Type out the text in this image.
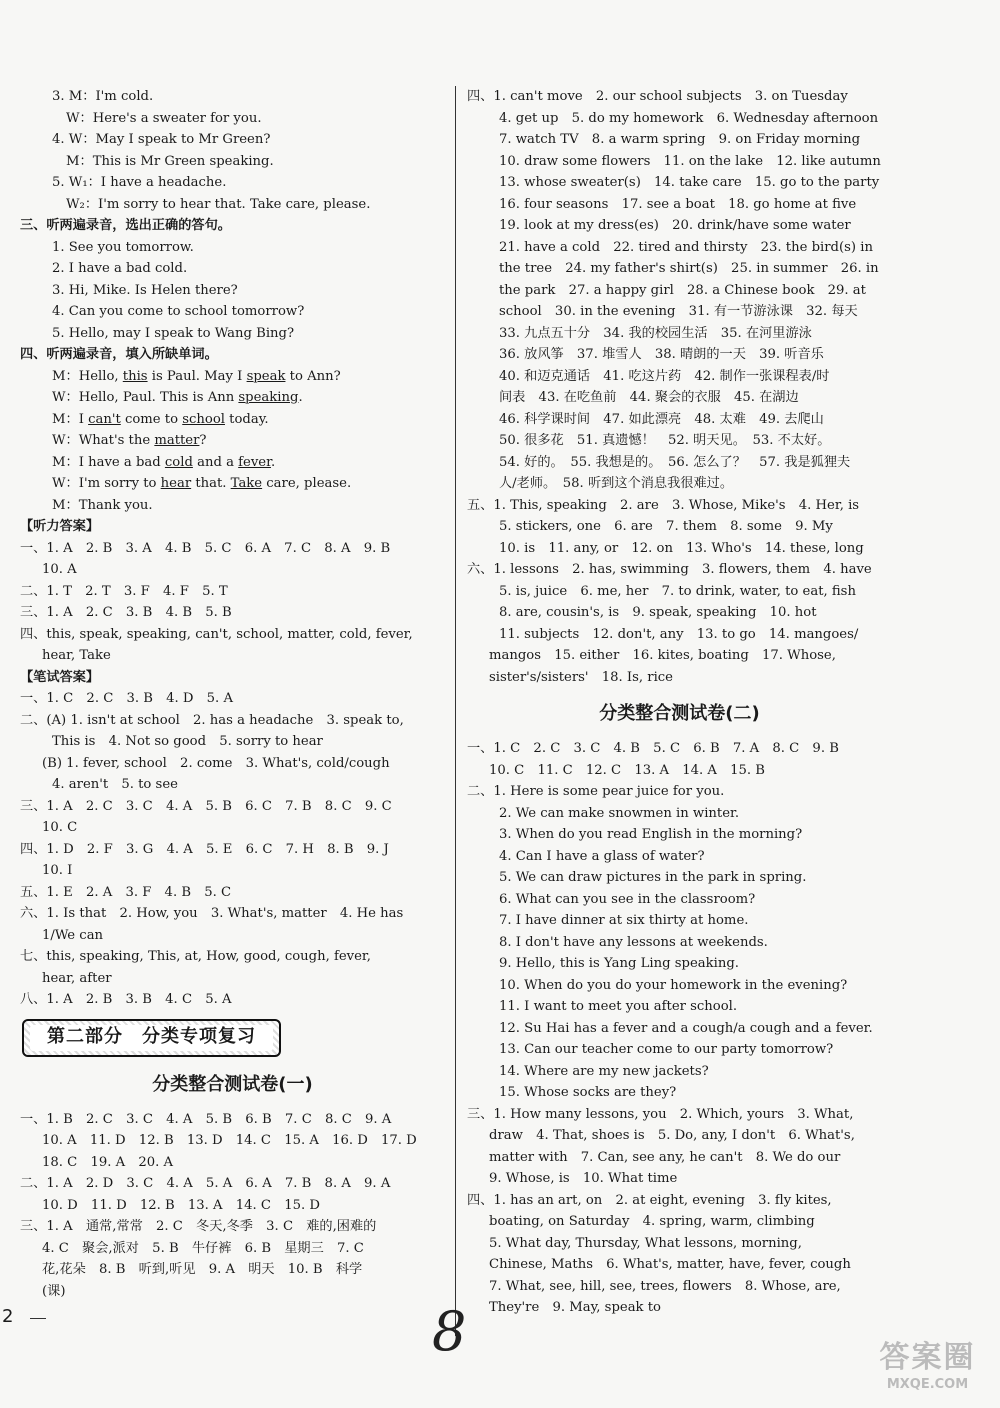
3. M：I'm cold.
W：Here's a sweater for you.
4. W：May I speak to Mr Green?
M：This is Mr Green speaking.
5. W₁：I have a headache.
W₂：I'm sorry to hear that. Take care, please.
三、听两遍录音，选出正确的答句。
1. See you tomorrow.
2. I have a bad cold.
3. Hi, Mike. Is Helen there?
4. Can you come to school tomorrow?
5. Hello, may I speak to Wang Bing?
四、听两遍录音，填入所缺单词。
M：Hello, this is Paul. May I speak to Ann?
W：Hello, Paul. This is Ann speaking.
M：I can't come to school today.
W：What's the matter?
M：I have a bad cold and a fever.
W：I'm sorry to hear that. Take care, please.
M：Thank you.
【听力答案】
一、1. A　2. B　3. A　4. B　5. C　6. A　7. C　8. A　9. B
10. A
二、1. T　2. T　3. F　4. F　5. T
三、1. A　2. C　3. B　4. B　5. B
四、this, speak, speaking, can't, school, matter, cold, fever,
hear, Take
【笔试答案】
一、1. C　2. C　3. B　4. D　5. A
二、(A) 1. isn't at school　2. has a headache　3. speak to,
This is　4. Not so good　5. sorry to hear
(B) 1. fever, school　2. come　3. What's, cold/cough
4. aren't　5. to see
三、1. A　2. C　3. C　4. A　5. B　6. C　7. B　8. C　9. C
10. C
四、1. D　2. F　3. G　4. A　5. E　6. C　7. H　8. B　9. J
10. I
五、1. E　2. A　3. F　4. B　5. C
六、1. Is that　2. How, you　3. What's, matter　4. He has
1/We can
七、this, speaking, This, at, How, good, cough, fever,
hear, after
八、1. A　2. B　3. B　4. C　5. A
第二部分　分类专项复习
分类整合测试卷(一)
一、1. B　2. C　3. C　4. A　5. B　6. B　7. C　8. C　9. A
10. A　11. D　12. B　13. D　14. C　15. A　16. D　17. D
18. C　19. A　20. A
二、1. A　2. D　3. C　4. A　5. A　6. A　7. B　8. A　9. A
10. D　11. D　12. B　13. A　14. C　15. D
三、1. A　通常,常常　2. C　冬天,冬季　3. C　难的,困难的
4. C　聚会,派对　5. B　牛仔裤　6. B　星期三　7. C
花,花朵　8. B　听到,听见　9. A　明天　10. B　科学
(课)
四、1. can't move　2. our school subjects　3. on Tuesday
4. get up　5. do my homework　6. Wednesday afternoon
7. watch TV　8. a warm spring　9. on Friday morning
10. draw some flowers　11. on the lake　12. like autumn
13. whose sweater(s)　14. take care　15. go to the party
16. four seasons　17. see a boat　18. go home at five
19. look at my dress(es)　20. drink/have some water
21. have a cold　22. tired and thirsty　23. the bird(s) in
the tree　24. my father's shirt(s)　25. in summer　26. in
the park　27. a happy girl　28. a Chinese book　29. at
school　30. in the evening　31. 有一节游泳课　32. 每天
33. 九点五十分　34. 我的校园生活　35. 在河里游泳
36. 放风筝　37. 堆雪人　38. 晴朗的一天　39. 听音乐
40. 和迈克通话　41. 吃这片药　42. 制作一张课程表/时
间表　43. 在吃鱼前　44. 聚会的衣服　45. 在湖边
46. 科学课时间　47. 如此漂亮　48. 太难　49. 去爬山
50. 很多花　51. 真遗憾！　52. 明天见。　53. 不太好。
54. 好的。　55. 我想是的。　56. 怎么了？　57. 我是狐狸夫
人/老师。　58. 听到这个消息我很难过。
五、1. This, speaking　2. are　3. Whose, Mike's　4. Her, is
5. stickers, one　6. are　7. them　8. some　9. My
10. is　11. any, or　12. on　13. Who's　14. these, long
六、1. lessons　2. has, swimming　3. flowers, them　4. have
5. is, juice　6. me, her　7. to drink, water, to eat, fish
8. are, cousin's, is　9. speak, speaking　10. hot
11. subjects　12. don't, any　13. to go　14. mangoes/
mangos　15. either　16. kites, boating　17. Whose,
sister's/sisters'　18. Is, rice
分类整合测试卷(二)
一、1. C　2. C　3. C　4. B　5. C　6. B　7. A　8. C　9. B
10. C　11. C　12. C　13. A　14. A　15. B
二、1. Here is some pear juice for you.
2. We can make snowmen in winter.
3. When do you read English in the morning?
4. Can I have a glass of water?
5. We can draw pictures in the park in spring.
6. What can you see in the classroom?
7. I have dinner at six thirty at home.
8. I don't have any lessons at weekends.
9. Hello, this is Yang Ling speaking.
10. When do you do your homework in the evening?
11. I want to meet you after school.
12. Su Hai has a fever and a cough/a cough and a fever.
13. Can our teacher come to our party tomorrow?
14. Where are my new jackets?
15. Whose socks are they?
三、1. How many lessons, you　2. Which, yours　3. What,
draw　4. That, shoes is　5. Do, any, I don't　6. What's,
matter with　7. Can, see any, he can't　8. We do our
9. Whose, is　10. What time
四、1. has an art, on　2. at eight, evening　3. fly kites,
boating, on Saturday　4. spring, warm, climbing
5. What day, Thursday, What lessons, morning,
Chinese, Maths　6. What's, matter, have, fever, cough
7. What, see, hill, see, trees, flowers　8. Whose, are,
They're　9. May, speak to
2	8	答案圈
MXQE.COM
